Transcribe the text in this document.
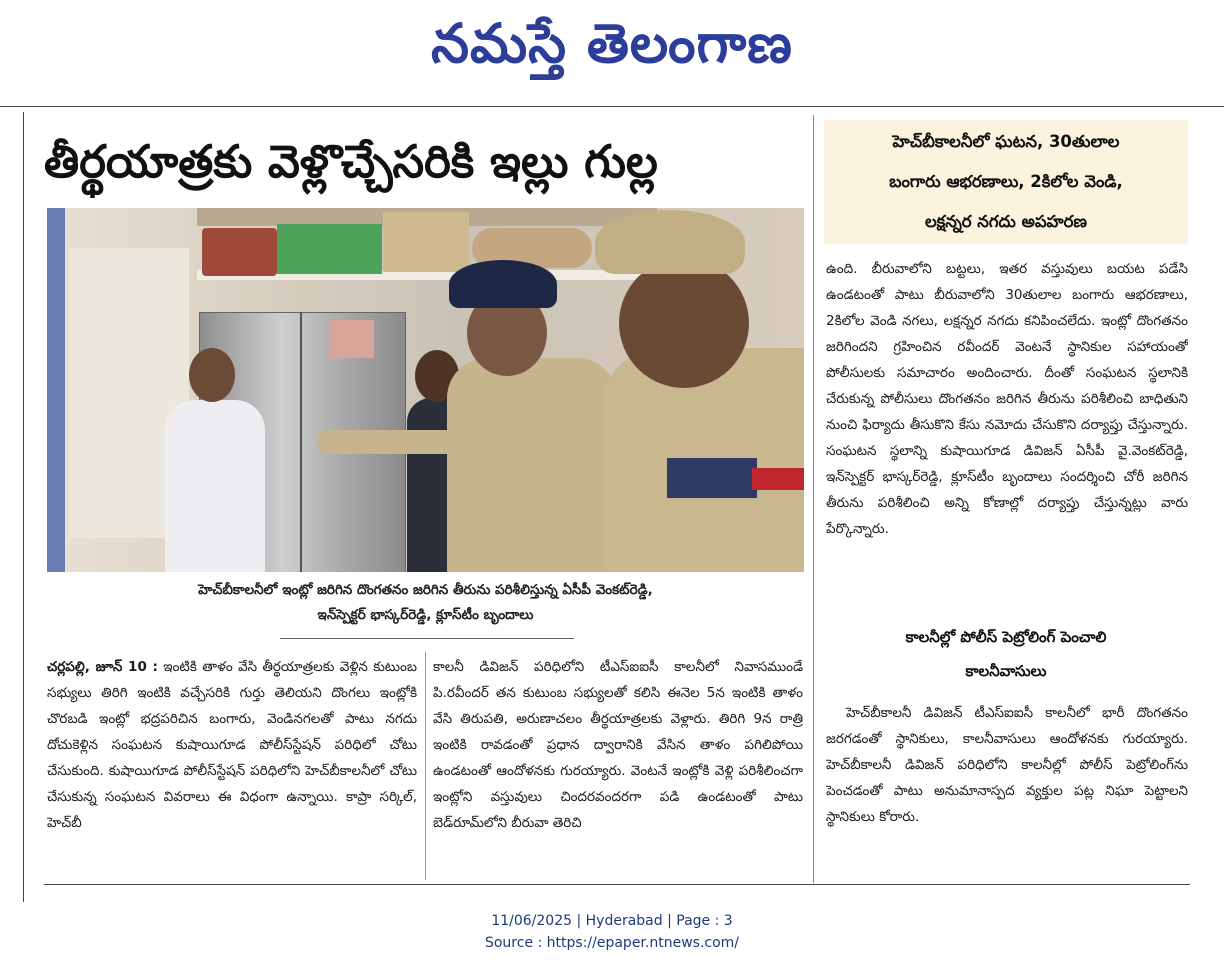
నమస్తే తెలంగాణ
తీర్థయాత్రకు వెళ్లొచ్చేసరికి ఇల్లు గుల్ల
హెచ్‌బీకాలనీలో ఇంట్లో జరిగిన దొంగతనం జరిగిన తీరును పరిశీలిస్తున్న ఏసీపీ వెంకట్‌రెడ్డి,
ఇన్‌స్పెక్టర్ భాస్కర్‌రెడ్డి, క్లూస్‌టీం బృందాలు

చర్లపల్లి, జూన్ 10 : ఇంటికి తాళం వేసి తీర్థయాత్రలకు వెళ్లిన కుటుంబ సభ్యులు తిరిగి ఇంటికి వచ్చేసరికి గుర్తు తెలియని దొంగలు ఇంట్లోకి చొరబడి ఇంట్లో భద్రపరిచిన బంగారు, వెండినగలతో పాటు నగదు దోచుకెళ్లిన సంఘటన కుషాయిగూడ పోలీస్‌స్టేషన్ పరిధిలో చోటు చేసుకుంది. కుషాయిగూడ పోలీస్‌స్టేషన్ పరిధిలోని హెచ్‌బీకాలనీలో చోటు చేసుకున్న సంఘటన వివరాలు ఈ విధంగా ఉన్నాయి. కాప్రా సర్కిల్, హెచ్‌బీ

కాలనీ డివిజన్ పరిధిలోని టీఎస్‌ఐఐసీ కాలనీలో నివాసముండే పి.రవీందర్ తన కుటుంబ సభ్యులతో కలిసి ఈనెల 5న ఇంటికి తాళం వేసి తిరుపతి, అరుణాచలం తీర్థయాత్రలకు వెళ్లారు. తిరిగి 9న రాత్రి ఇంటికి రావడంతో ప్రధాన ద్వారానికి వేసిన తాళం పగిలిపోయి ఉండటంతో ఆందోళనకు గురయ్యారు. వెంటనే ఇంట్లోకి వెళ్లి పరిశీలించగా ఇంట్లోని వస్తువులు చిందరవందరగా పడి ఉండటంతో పాటు బెడ్‌రూమ్‌లోని బీరువా తెరిచి

హెచ్‌బీకాలనీలో ఘటన, 30తులాల
బంగారు ఆభరణాలు, 2కిలోల వెండి,
లక్షన్నర నగదు అపహరణ

ఉంది. బీరువాలోని బట్టలు, ఇతర వస్తువులు బయట పడేసి ఉండటంతో పాటు బీరువాలోని 30తులాల బంగారు ఆభరణాలు, 2కిలోల వెండి నగలు, లక్షన్నర నగదు కనిపించలేదు. ఇంట్లో దొంగతనం జరిగిందని గ్రహించిన రవీందర్ వెంటనే స్థానికుల సహాయంతో పోలీసులకు సమాచారం అందించారు. దీంతో సంఘటన స్థలానికి చేరుకున్న పోలీసులు దొంగతనం జరిగిన తీరును పరిశీలించి బాధితుని నుంచి ఫిర్యాదు తీసుకొని కేసు నమోదు చేసుకొని దర్యాప్తు చేస్తున్నారు. సంఘటన స్థలాన్ని కుషాయిగూడ డివిజన్ ఏసీపీ వై.వెంకట్‌రెడ్డి, ఇన్‌స్పెక్టర్ భాస్కర్‌రెడ్డి, క్లూస్‌టీం బృందాలు సందర్శించి చోరీ జరిగిన తీరును పరిశీలించి అన్ని కోణాల్లో దర్యాప్తు చేస్తున్నట్లు వారు పేర్కొన్నారు.

కాలనీల్లో పోలీస్ పెట్రోలింగ్ పెంచాలి
కాలనీవాసులు

హెచ్‌బీకాలనీ డివిజన్ టీఎస్‌ఐఐసీ కాలనీలో భారీ దొంగతనం జరగడంతో స్థానికులు, కాలనీవాసులు ఆందోళనకు గురయ్యారు. హెచ్‌బీకాలనీ డివిజన్ పరిధిలోని కాలనీల్లో పోలీస్ పెట్రోలింగ్‌ను పెంచడంతో పాటు అనుమానాస్పద వ్యక్తుల పట్ల నిఘా పెట్టాలని స్థానికులు కోరారు.

11/06/2025 | Hyderabad | Page : 3
Source : https://epaper.ntnews.com/
